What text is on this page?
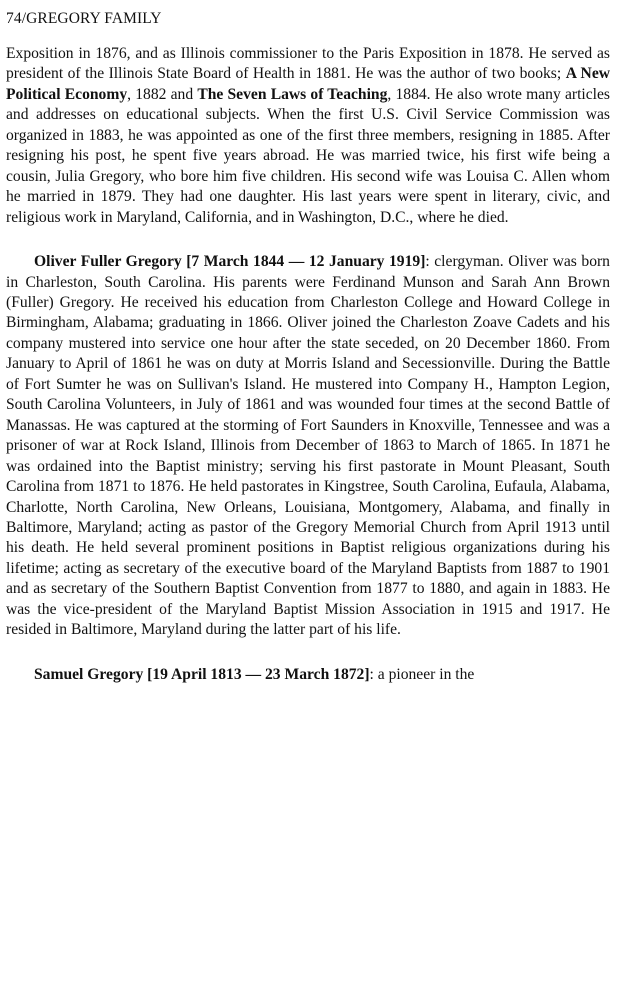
74/GREGORY FAMILY

Exposition in 1876, and as Illinois commissioner to the Paris Exposition in 1878. He served as president of the Illinois State Board of Health in 1881. He was the author of two books; A New Political Economy, 1882 and The Seven Laws of Teaching, 1884. He also wrote many articles and addresses on educational subjects. When the first U.S. Civil Service Commission was organized in 1883, he was appointed as one of the first three members, resigning in 1885. After resigning his post, he spent five years abroad. He was married twice, his first wife being a cousin, Julia Gregory, who bore him five children. His second wife was Louisa C. Allen whom he married in 1879. They had one daughter. His last years were spent in literary, civic, and religious work in Maryland, California, and in Washington, D.C., where he died.

Oliver Fuller Gregory [7 March 1844 — 12 January 1919]: clergyman. Oliver was born in Charleston, South Carolina. His parents were Ferdinand Munson and Sarah Ann Brown (Fuller) Gregory. He received his education from Charleston College and Howard College in Birmingham, Alabama; graduating in 1866. Oliver joined the Charleston Zoave Cadets and his company mustered into service one hour after the state seceded, on 20 December 1860. From January to April of 1861 he was on duty at Morris Island and Secessionville. During the Battle of Fort Sumter he was on Sullivan's Island. He mustered into Company H., Hampton Legion, South Carolina Volunteers, in July of 1861 and was wounded four times at the second Battle of Manassas. He was captured at the storming of Fort Saunders in Knoxville, Tennessee and was a prisoner of war at Rock Island, Illinois from December of 1863 to March of 1865. In 1871 he was ordained into the Baptist ministry; serving his first pastorate in Mount Pleasant, South Carolina from 1871 to 1876. He held pastorates in Kingstree, South Carolina, Eufaula, Alabama, Charlotte, North Carolina, New Orleans, Louisiana, Montgomery, Alabama, and finally in Baltimore, Maryland; acting as pastor of the Gregory Memorial Church from April 1913 until his death. He held several prominent positions in Baptist religious organizations during his lifetime; acting as secretary of the executive board of the Maryland Baptists from 1887 to 1901 and as secretary of the Southern Baptist Convention from 1877 to 1880, and again in 1883. He was the vice-president of the Maryland Baptist Mission Association in 1915 and 1917. He resided in Baltimore, Maryland during the latter part of his life.

Samuel Gregory [19 April 1813 — 23 March 1872]: a pioneer in the
